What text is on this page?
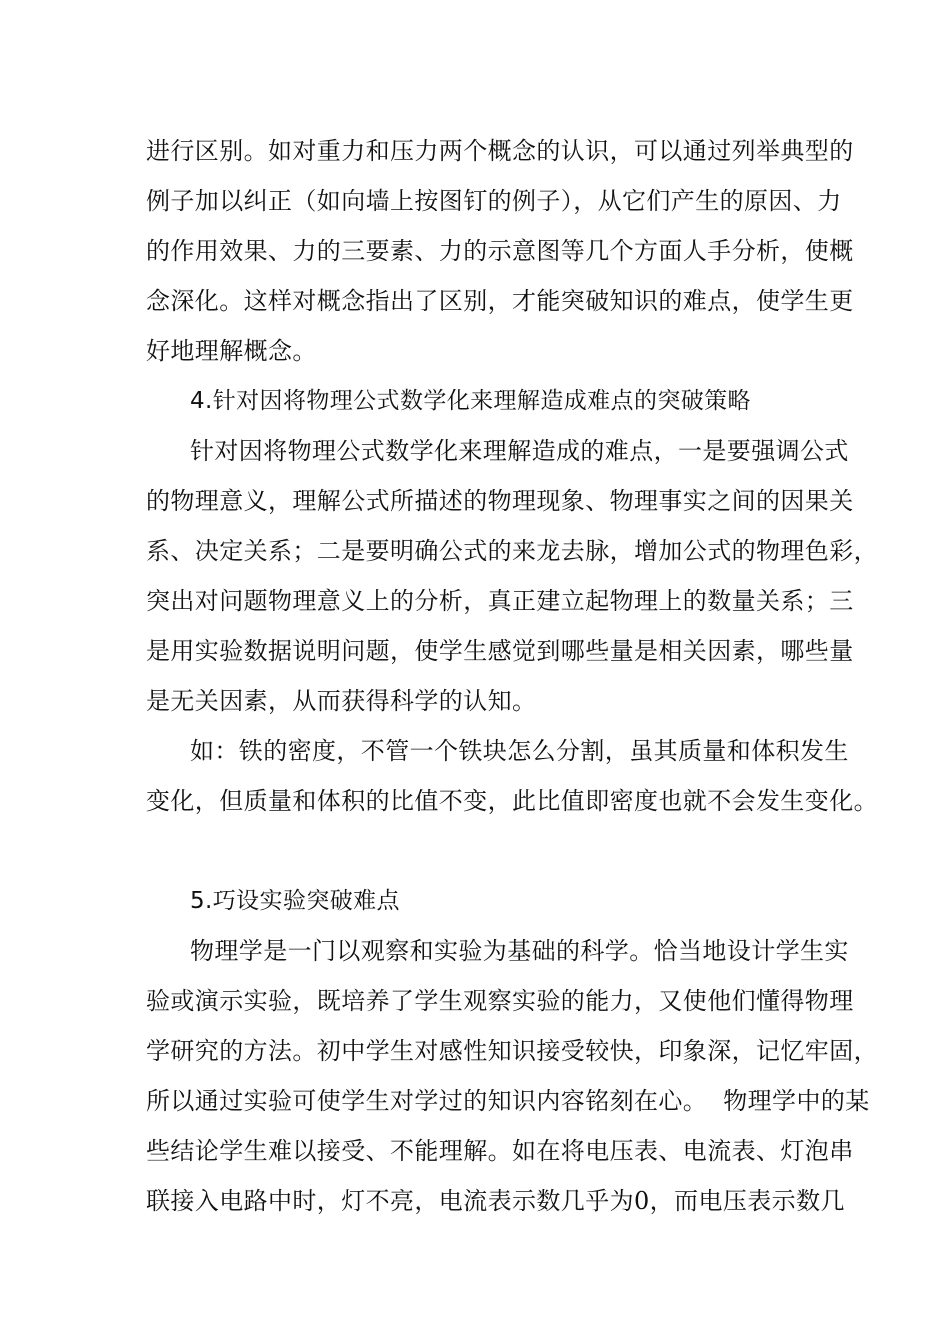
进行区别。如对重力和压力两个概念的认识，可以通过列举典型的
例子加以纠正（如向墙上按图钉的例子），从它们产生的原因、力
的作用效果、力的三要素、力的示意图等几个方面人手分析，使概
念深化。这样对概念指出了区别，才能突破知识的难点，使学生更
好地理解概念。
4.针对因将物理公式数学化来理解造成难点的突破策略
针对因将物理公式数学化来理解造成的难点，一是要强调公式
的物理意义，理解公式所描述的物理现象、物理事实之间的因果关
系、决定关系；二是要明确公式的来龙去脉，增加公式的物理色彩，
突出对问题物理意义上的分析，真正建立起物理上的数量关系；三
是用实验数据说明问题，使学生感觉到哪些量是相关因素，哪些量
是无关因素，从而获得科学的认知。
如：铁的密度，不管一个铁块怎么分割，虽其质量和体积发生
变化，但质量和体积的比值不变，此比值即密度也就不会发生变化。
5.巧设实验突破难点
物理学是一门以观察和实验为基础的科学。恰当地设计学生实
验或演示实验，既培养了学生观察实验的能力，又使他们懂得物理
学研究的方法。初中学生对感性知识接受较快，印象深，记忆牢固，
所以通过实验可使学生对学过的知识内容铭刻在心。  物理学中的某
些结论学生难以接受、不能理解。如在将电压表、电流表、灯泡串
联接入电路中时，灯不亮，电流表示数几乎为0，而电压表示数几
